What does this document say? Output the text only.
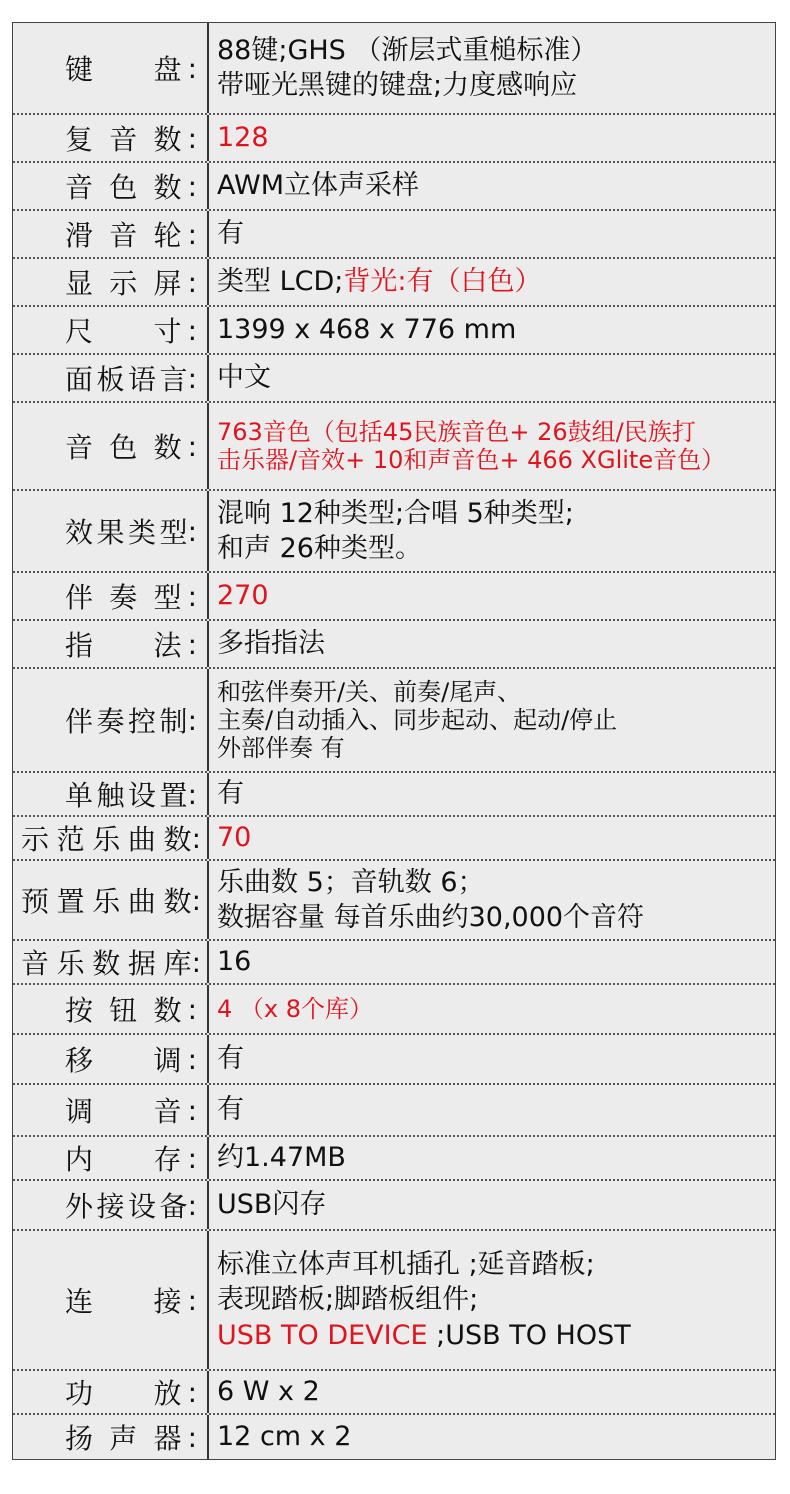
键 盘 :
88键;GHS （渐层式重槌标准）
带哑光黑键的键盘;力度感响应
复 音 数 : 128
音 色 数 : AWM立体声采样
滑 音 轮 : 有
显 示 屏 : 类型 LCD;背光:有（白色）
尺 寸 : 1399 x 468 x 776 mm
面 板 语 言 : 中文
音 色 数 : 763音色（包括45民族音色+ 26鼓组/民族打
击乐器/音效+ 10和声音色+ 466 XGlite音色）
效 果 类 型 :
混响 12种类型;合唱 5种类型;
和声 26种类型。
伴 奏 型 : 270
指 法 : 多指指法
伴 奏 控 制 :
和弦伴奏开/关、前奏/尾声、
主奏/自动插入、同步起动、起动/停止
外部伴奏 有
单 触 设 置 : 有
示 范 乐 曲 数 : 70
预 置 乐 曲 数 :
乐曲数 5；音轨数 6；
数据容量 每首乐曲约30,000个音符
音 乐 数 据 库 : 16
按 钮 数 : 4 （x 8个库）
移 调 : 有
调 音 : 有
内 存 : 约1.47MB
外 接 设 备 : USB闪存
连 接 :
标准立体声耳机插孔 ;延音踏板;
表现踏板;脚踏板组件;
USB TO DEVICE ;USB TO HOST
功 放 : 6 W x 2
扬 声 器 : 12 cm x 2
